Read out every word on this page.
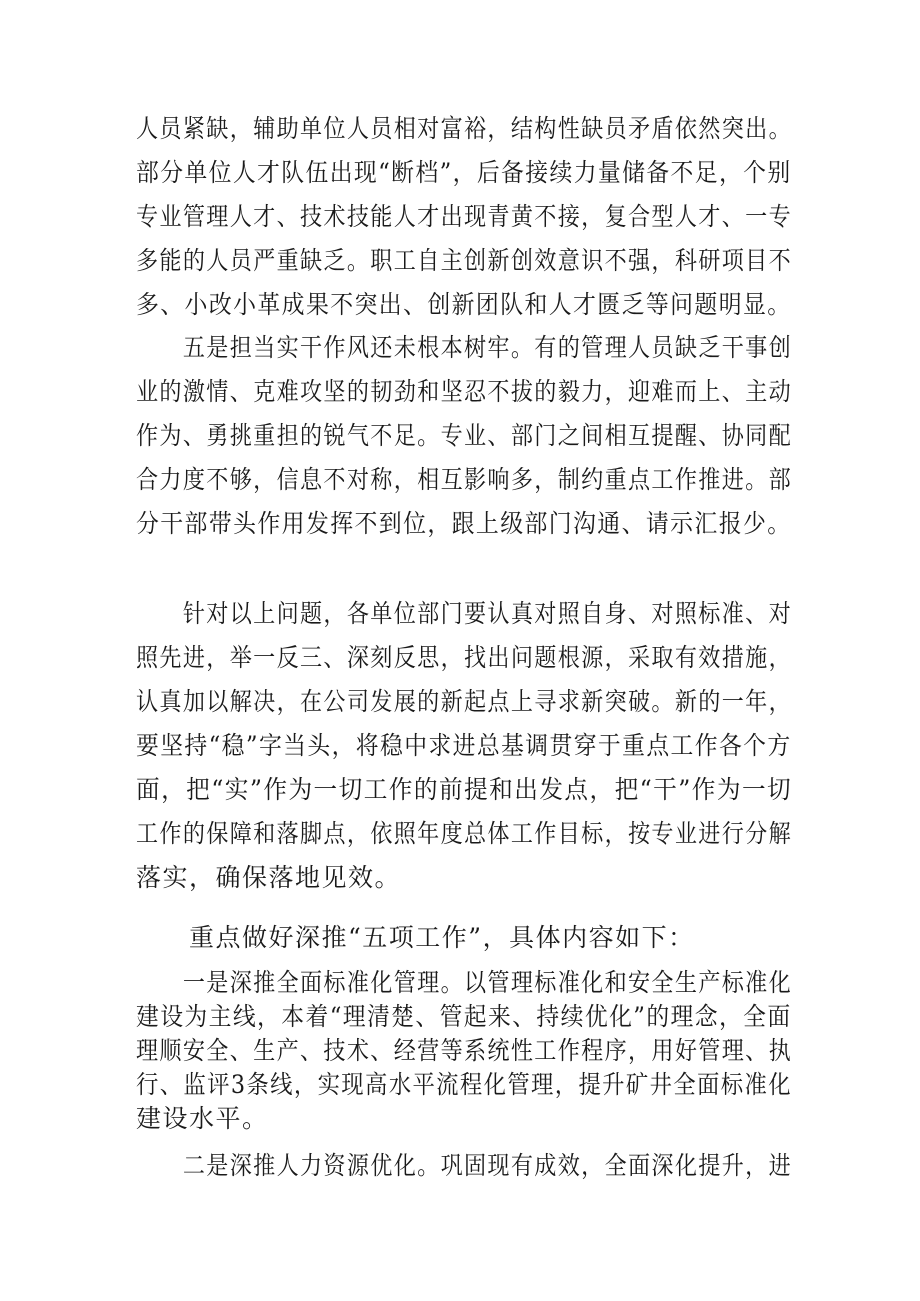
人员紧缺，辅助单位人员相对富裕，结构性缺员矛盾依然突出。
部分单位人才队伍出现“断档”，后备接续力量储备不足，个别
专业管理人才、技术技能人才出现青黄不接，复合型人才、一专
多能的人员严重缺乏。职工自主创新创效意识不强，科研项目不
多、小改小革成果不突出、创新团队和人才匮乏等问题明显。
　　五是担当实干作风还未根本树牢。有的管理人员缺乏干事创
业的激情、克难攻坚的韧劲和坚忍不拔的毅力，迎难而上、主动
作为、勇挑重担的锐气不足。专业、部门之间相互提醒、协同配
合力度不够，信息不对称，相互影响多，制约重点工作推进。部
分干部带头作用发挥不到位，跟上级部门沟通、请示汇报少。
　　针对以上问题，各单位部门要认真对照自身、对照标准、对
照先进，举一反三、深刻反思，找出问题根源，采取有效措施，
认真加以解决，在公司发展的新起点上寻求新突破。新的一年，
要坚持“稳”字当头，将稳中求进总基调贯穿于重点工作各个方
面，把“实”作为一切工作的前提和出发点，把“干”作为一切
工作的保障和落脚点，依照年度总体工作目标，按专业进行分解
落实，确保落地见效。
　　重点做好深推“五项工作”，具体内容如下：
　　一是深推全面标准化管理。以管理标准化和安全生产标准化
建设为主线，本着“理清楚、管起来、持续优化”的理念，全面
理顺安全、生产、技术、经营等系统性工作程序，用好管理、执
行、监评3条线，实现高水平流程化管理，提升矿井全面标准化
建设水平。
　　二是深推人力资源优化。巩固现有成效，全面深化提升，进
